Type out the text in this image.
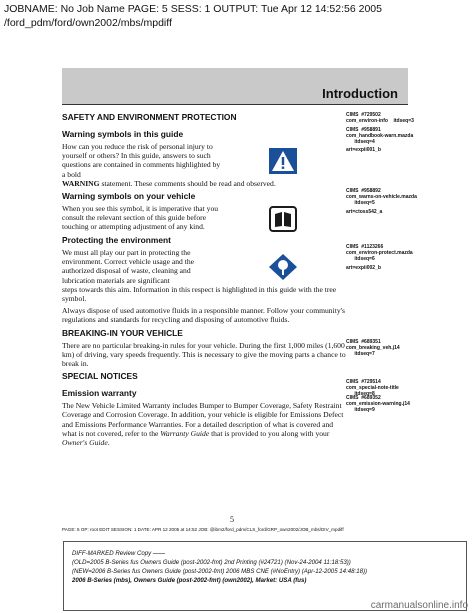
JOBNAME: No Job Name PAGE: 5 SESS: 1 OUTPUT: Tue Apr 12 14:52:56 2005
/ford_pdm/ford/own2002/mbs/mpdiff
Introduction
SAFETY AND ENVIRONMENT PROTECTION
Warning symbols in this guide

How can you reduce the risk of personal injury to yourself or others? In this guide, answers to such questions are contained in comments highlighted by a bold

WARNING statement. These comments should be read and observed.

Warning symbols on your vehicle

When you see this symbol, it is imperative that you consult the relevant section of this guide before touching or attempting adjustment of any kind.

Protecting the environment

We must all play our part in protecting the environment. Correct vehicle usage and the authorized disposal of waste, cleaning and lubrication materials are significant

steps towards this aim. Information in this respect is highlighted in this guide with the tree symbol.

Always dispose of used automotive fluids in a responsible manner. Follow your community's regulations and standards for recycling and disposing of automotive fluids.

BREAKING-IN YOUR VEHICLE

There are no particular breaking-in rules for your vehicle. During the first 1,000 miles (1,600 km) of driving, vary speeds frequently. This is necessary to give the moving parts a chance to break in.

SPECIAL NOTICES
Emission warranty

The New Vehicle Limited Warranty includes Bumper to Bumper Coverage, Safety Restraint Coverage and Corrosion Coverage. In addition, your vehicle is eligible for Emissions Defect and Emissions Performance Warranties. For a detailed description of what is covered and what is not covered, refer to the Warranty Guide that is provided to you along with your Owner's Guide.

CIMS  #729502
com_environ-info    itdseq=3
CIMS  #958891
com_handbook-warn.mazda
itdseq=4
art=expii001_b
CIMS  #958892
com_warns-on-vehicle.mazda
itdseq=5
art=ctoss542_a
CIMS  #1123266
com_environ-protect.mazda
itdseq=6
art=expii002_b
CIMS  #689351
com_breaking_veh.j14
itdseq=7
CIMS  #729514
com_special-note-title
itdseq=8
CIMS  #689352
com_emission-warning.j14
itdseq=9
5
PAGE: 5 OP: root EDIT SESSION: 1 DATE: APR 12 2005 at 14:52 JOB: @ibm2/ford_pdm/CLS_ford/GRP_own2002/JOB_mbs/DIV_mpdiff
DIFF-MARKED Review Copy ——
(OLD=2005 B-Series fus Owners Guide (post-2002-fmt) 2nd Printing (#24721) (Nov-24-2004 11:18:53))
(NEW=2006 B-Series fus Owners Guide (post-2002-fmt) 2006 MBS CNE (#NoEntry) (Apr-12-2005 14:48:18))
2006 B-Series (mbs), Owners Guide (post-2002-fmt) (own2002), Market: USA (fus)
carmanualsonline.info
